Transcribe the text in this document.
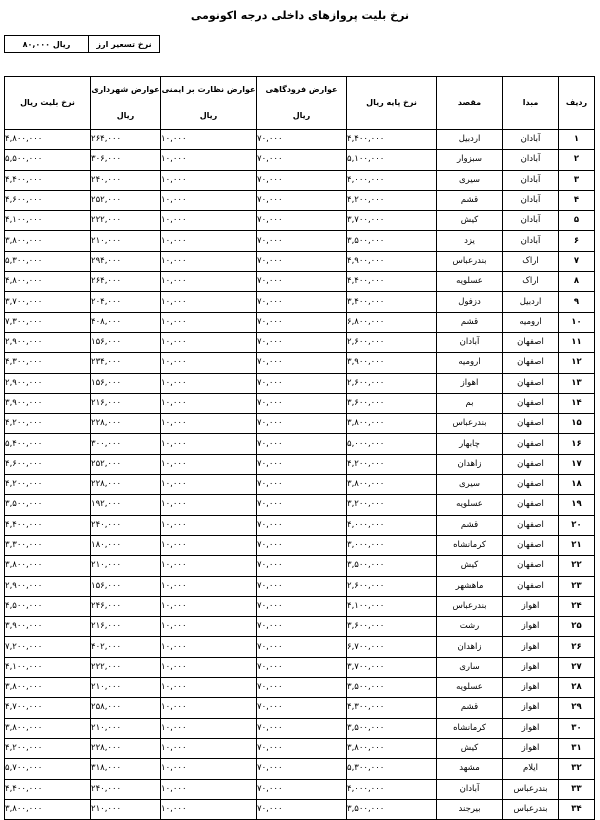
نرخ بلیت پروازهای داخلی درجه اکونومی
نرخ تسعیر ارز
ریال ۸۰,۰۰۰
ردیف	مبدا	مقصد	نرخ پایه ریال	عوارض فرودگاهی ریال	عوارض نظارت بر ایمنی ریال	عوارض شهرداری ریال	نرخ بلیت ریال
۱	آبادان	اردبیل	۴,۴۰۰,۰۰۰	۷۰,۰۰۰	۱۰,۰۰۰	۲۶۴,۰۰۰	۴,۸۰۰,۰۰۰
۲	آبادان	سبزوار	۵,۱۰۰,۰۰۰	۷۰,۰۰۰	۱۰,۰۰۰	۳۰۶,۰۰۰	۵,۵۰۰,۰۰۰
۳	آبادان	سیری	۴,۰۰۰,۰۰۰	۷۰,۰۰۰	۱۰,۰۰۰	۲۴۰,۰۰۰	۴,۴۰۰,۰۰۰
۴	آبادان	قشم	۴,۲۰۰,۰۰۰	۷۰,۰۰۰	۱۰,۰۰۰	۲۵۲,۰۰۰	۴,۶۰۰,۰۰۰
۵	آبادان	کیش	۳,۷۰۰,۰۰۰	۷۰,۰۰۰	۱۰,۰۰۰	۲۲۲,۰۰۰	۴,۱۰۰,۰۰۰
۶	آبادان	یزد	۳,۵۰۰,۰۰۰	۷۰,۰۰۰	۱۰,۰۰۰	۲۱۰,۰۰۰	۳,۸۰۰,۰۰۰
۷	اراک	بندرعباس	۴,۹۰۰,۰۰۰	۷۰,۰۰۰	۱۰,۰۰۰	۲۹۴,۰۰۰	۵,۳۰۰,۰۰۰
۸	اراک	عسلویه	۴,۴۰۰,۰۰۰	۷۰,۰۰۰	۱۰,۰۰۰	۲۶۴,۰۰۰	۴,۸۰۰,۰۰۰
۹	اردبیل	دزفول	۳,۴۰۰,۰۰۰	۷۰,۰۰۰	۱۰,۰۰۰	۲۰۴,۰۰۰	۳,۷۰۰,۰۰۰
۱۰	ارومیه	قشم	۶,۸۰۰,۰۰۰	۷۰,۰۰۰	۱۰,۰۰۰	۴۰۸,۰۰۰	۷,۳۰۰,۰۰۰
۱۱	اصفهان	آبادان	۲,۶۰۰,۰۰۰	۷۰,۰۰۰	۱۰,۰۰۰	۱۵۶,۰۰۰	۲,۹۰۰,۰۰۰
۱۲	اصفهان	ارومیه	۳,۹۰۰,۰۰۰	۷۰,۰۰۰	۱۰,۰۰۰	۲۳۴,۰۰۰	۴,۳۰۰,۰۰۰
۱۳	اصفهان	اهواز	۲,۶۰۰,۰۰۰	۷۰,۰۰۰	۱۰,۰۰۰	۱۵۶,۰۰۰	۲,۹۰۰,۰۰۰
۱۴	اصفهان	بم	۳,۶۰۰,۰۰۰	۷۰,۰۰۰	۱۰,۰۰۰	۲۱۶,۰۰۰	۳,۹۰۰,۰۰۰
۱۵	اصفهان	بندرعباس	۳,۸۰۰,۰۰۰	۷۰,۰۰۰	۱۰,۰۰۰	۲۲۸,۰۰۰	۴,۲۰۰,۰۰۰
۱۶	اصفهان	چابهار	۵,۰۰۰,۰۰۰	۷۰,۰۰۰	۱۰,۰۰۰	۳۰۰,۰۰۰	۵,۴۰۰,۰۰۰
۱۷	اصفهان	زاهدان	۴,۲۰۰,۰۰۰	۷۰,۰۰۰	۱۰,۰۰۰	۲۵۲,۰۰۰	۴,۶۰۰,۰۰۰
۱۸	اصفهان	سیری	۳,۸۰۰,۰۰۰	۷۰,۰۰۰	۱۰,۰۰۰	۲۲۸,۰۰۰	۴,۲۰۰,۰۰۰
۱۹	اصفهان	عسلویه	۳,۲۰۰,۰۰۰	۷۰,۰۰۰	۱۰,۰۰۰	۱۹۲,۰۰۰	۳,۵۰۰,۰۰۰
۲۰	اصفهان	قشم	۴,۰۰۰,۰۰۰	۷۰,۰۰۰	۱۰,۰۰۰	۲۴۰,۰۰۰	۴,۴۰۰,۰۰۰
۲۱	اصفهان	کرمانشاه	۳,۰۰۰,۰۰۰	۷۰,۰۰۰	۱۰,۰۰۰	۱۸۰,۰۰۰	۳,۳۰۰,۰۰۰
۲۲	اصفهان	کیش	۳,۵۰۰,۰۰۰	۷۰,۰۰۰	۱۰,۰۰۰	۲۱۰,۰۰۰	۳,۸۰۰,۰۰۰
۲۳	اصفهان	ماهشهر	۲,۶۰۰,۰۰۰	۷۰,۰۰۰	۱۰,۰۰۰	۱۵۶,۰۰۰	۲,۹۰۰,۰۰۰
۲۴	اهواز	بندرعباس	۴,۱۰۰,۰۰۰	۷۰,۰۰۰	۱۰,۰۰۰	۲۴۶,۰۰۰	۴,۵۰۰,۰۰۰
۲۵	اهواز	رشت	۳,۶۰۰,۰۰۰	۷۰,۰۰۰	۱۰,۰۰۰	۲۱۶,۰۰۰	۳,۹۰۰,۰۰۰
۲۶	اهواز	زاهدان	۶,۷۰۰,۰۰۰	۷۰,۰۰۰	۱۰,۰۰۰	۴۰۲,۰۰۰	۷,۲۰۰,۰۰۰
۲۷	اهواز	ساری	۳,۷۰۰,۰۰۰	۷۰,۰۰۰	۱۰,۰۰۰	۲۲۲,۰۰۰	۴,۱۰۰,۰۰۰
۲۸	اهواز	عسلویه	۳,۵۰۰,۰۰۰	۷۰,۰۰۰	۱۰,۰۰۰	۲۱۰,۰۰۰	۳,۸۰۰,۰۰۰
۲۹	اهواز	قشم	۴,۳۰۰,۰۰۰	۷۰,۰۰۰	۱۰,۰۰۰	۲۵۸,۰۰۰	۴,۷۰۰,۰۰۰
۳۰	اهواز	کرمانشاه	۳,۵۰۰,۰۰۰	۷۰,۰۰۰	۱۰,۰۰۰	۲۱۰,۰۰۰	۳,۸۰۰,۰۰۰
۳۱	اهواز	کیش	۳,۸۰۰,۰۰۰	۷۰,۰۰۰	۱۰,۰۰۰	۲۲۸,۰۰۰	۴,۲۰۰,۰۰۰
۳۲	ایلام	مشهد	۵,۳۰۰,۰۰۰	۷۰,۰۰۰	۱۰,۰۰۰	۳۱۸,۰۰۰	۵,۷۰۰,۰۰۰
۳۳	بندرعباس	آبادان	۴,۰۰۰,۰۰۰	۷۰,۰۰۰	۱۰,۰۰۰	۲۴۰,۰۰۰	۴,۴۰۰,۰۰۰
۳۴	بندرعباس	بیرجند	۳,۵۰۰,۰۰۰	۷۰,۰۰۰	۱۰,۰۰۰	۲۱۰,۰۰۰	۳,۸۰۰,۰۰۰
